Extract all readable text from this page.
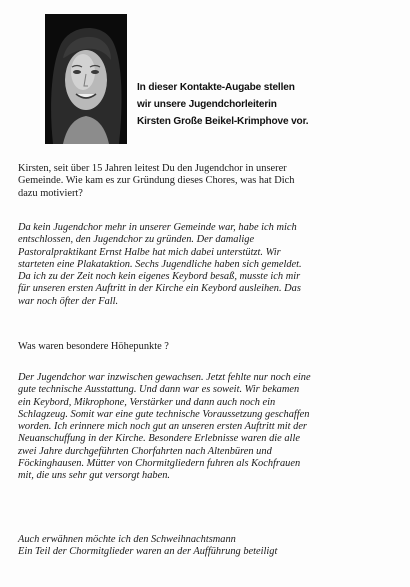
In dieser Kontakte-Augabe stellen
wir unsere Jugendchorleiterin
Kirsten Große Beikel-Krimphove vor.
Kirsten, seit über 15 Jahren leitest Du den Jugendchor in unserer
Gemeinde. Wie kam es zur Gründung dieses Chores, was hat Dich
dazu motiviert?
Da kein Jugendchor mehr in unserer Gemeinde war, habe ich mich
entschlossen, den Jugendchor zu gründen. Der damalige
Pastoralpraktikant Ernst Halbe hat mich dabei unterstützt. Wir
starteten eine Plakataktion. Sechs Jugendliche haben sich gemeldet.
Da ich zu der Zeit noch kein eigenes Keybord besaß, musste ich mir
für unseren ersten Auftritt in der Kirche ein Keybord ausleihen. Das
war noch öfter der Fall.
Was waren besondere Höhepunkte ?
Der Jugendchor war inzwischen gewachsen. Jetzt fehlte nur noch eine
gute technische Ausstattung. Und dann war es soweit. Wir bekamen
ein Keybord, Mikrophone, Verstärker und dann auch noch ein
Schlagzeug. Somit war eine gute technische Voraussetzung geschaffen
worden. Ich erinnere mich noch gut an unseren ersten Auftritt mit der
Neuanschuffung in der Kirche. Besondere Erlebnisse waren die alle
zwei Jahre durchgeführten Chorfahrten nach Altenbüren und
Föckinghausen. Mütter von Chormitgliedern fuhren als Kochfrauen
mit, die uns sehr gut versorgt haben.
Auch erwähnen möchte ich den Schweihnachtsmann
Ein Teil der Chormitglieder waren an der Aufführung beteiligt
